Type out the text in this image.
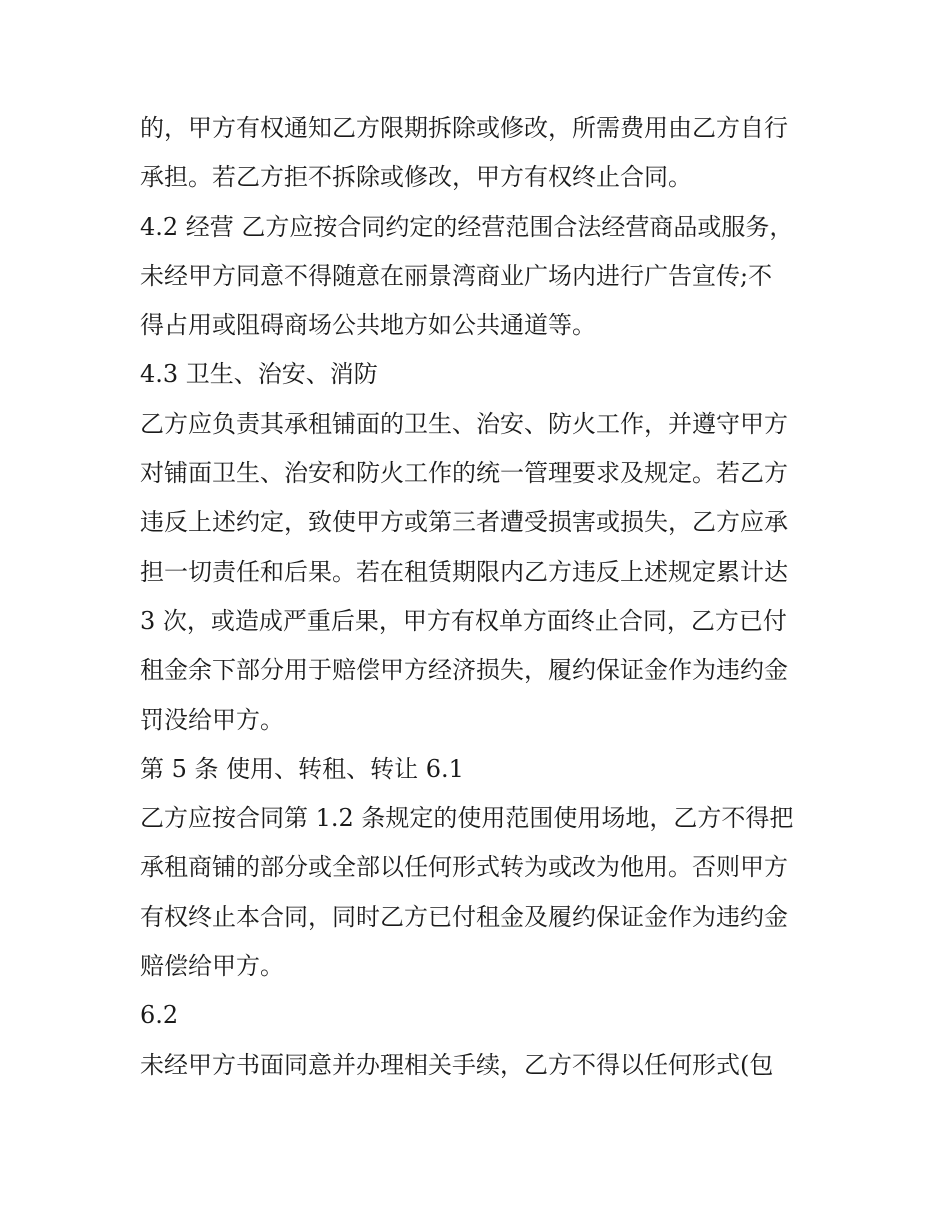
的，甲方有权通知乙方限期拆除或修改，所需费用由乙方自行
承担。若乙方拒不拆除或修改，甲方有权终止合同。
4.2 经营 乙方应按合同约定的经营范围合法经营商品或服务，
未经甲方同意不得随意在丽景湾商业广场内进行广告宣传;不
得占用或阻碍商场公共地方如公共通道等。
4.3 卫生、治安、消防
乙方应负责其承租铺面的卫生、治安、防火工作，并遵守甲方
对铺面卫生、治安和防火工作的统一管理要求及规定。若乙方
违反上述约定，致使甲方或第三者遭受损害或损失，乙方应承
担一切责任和后果。若在租赁期限内乙方违反上述规定累计达
3 次，或造成严重后果，甲方有权单方面终止合同，乙方已付
租金余下部分用于赔偿甲方经济损失，履约保证金作为违约金
罚没给甲方。
第 5 条 使用、转租、转让 6.1
乙方应按合同第 1.2 条规定的使用范围使用场地，乙方不得把
承租商铺的部分或全部以任何形式转为或改为他用。否则甲方
有权终止本合同，同时乙方已付租金及履约保证金作为违约金
赔偿给甲方。
6.2
未经甲方书面同意并办理相关手续，乙方不得以任何形式(包
